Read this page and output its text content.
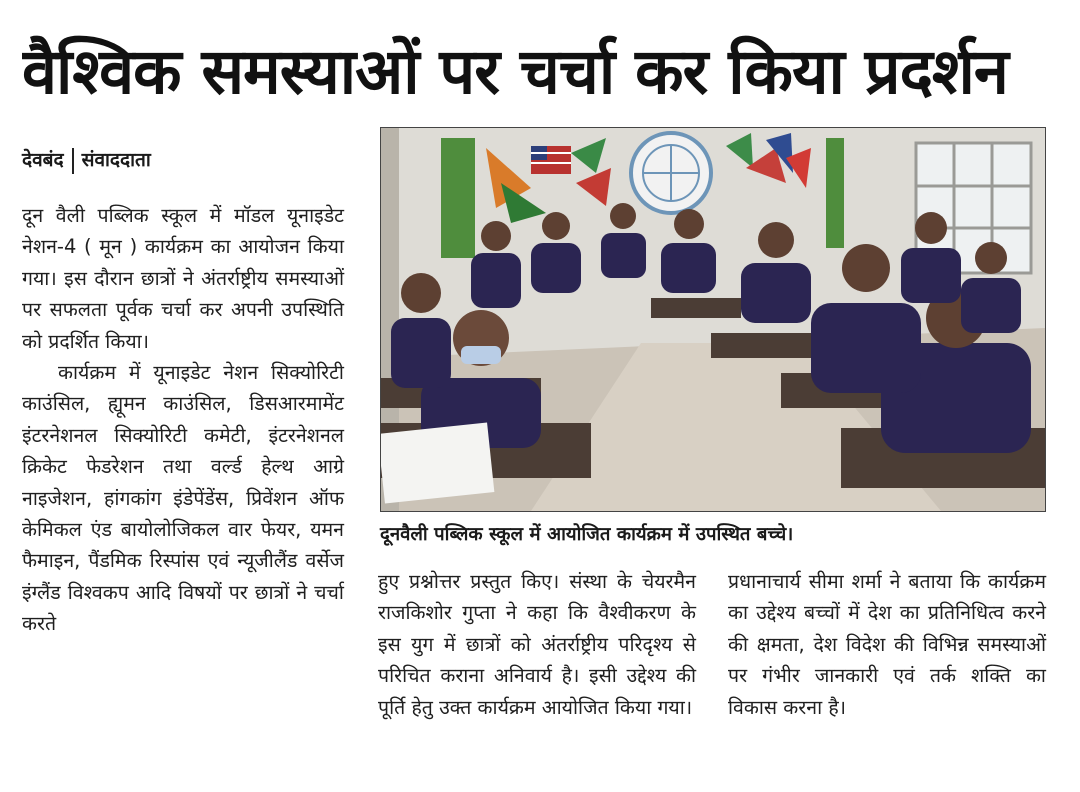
वैश्विक समस्याओं पर चर्चा कर किया प्रदर्शन
देवबंद संवाददाता

दून वैली पब्लिक स्कूल में मॉडल यूनाइडेट नेशन-4 ( मून ) कार्यक्रम का आयोजन किया गया। इस दौरान छात्रों ने अंतर्राष्ट्रीय समस्याओं पर सफलता पूर्वक चर्चा कर अपनी उपस्थिति को प्रदर्शित किया।

कार्यक्रम में यूनाइडेट नेशन सिक्योरिटी काउंसिल, ह्यूमन काउंसिल, डिसआरमामेंट इंटरनेशनल सिक्योरिटी कमेटी, इंटरनेशनल क्रिकेट फेडरेशन तथा वर्ल्ड हेल्थ आग्रे नाइजेशन, हांगकांग इंडेपेंडेंस, प्रिवेंशन ऑफ केमिकल एंड बायोलोजिकल वार फेयर, यमन फैमाइन, पैंडमिक रिस्पांस एवं न्यूजीलैंड वर्सेज इंग्लैंड विश्वकप आदि विषयों पर छात्रों ने चर्चा करते

दूनवैली पब्लिक स्कूल में आयोजित कार्यक्रम में उपस्थित बच्चे।

हुए प्रश्नोत्तर प्रस्तुत किए। संस्था के चेयरमैन राजकिशोर गुप्ता ने कहा कि वैश्वीकरण के इस युग में छात्रों को अंतर्राष्ट्रीय परिदृश्य से परिचित कराना अनिवार्य है। इसी उद्देश्य की पूर्ति हेतु उक्त कार्यक्रम आयोजित किया गया।

प्रधानाचार्य सीमा शर्मा ने बताया कि कार्यक्रम का उद्देश्य बच्चों में देश का प्रतिनिधित्व करने की क्षमता, देश विदेश की विभिन्न समस्याओं पर गंभीर जानकारी एवं तर्क शक्ति का विकास करना है।
